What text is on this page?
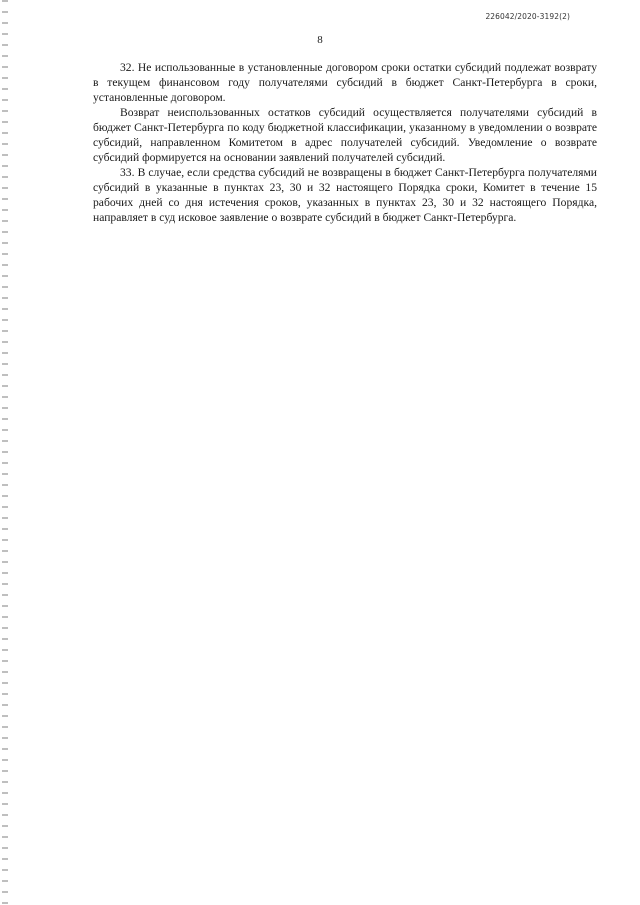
226042/2020-3192(2)
8

32. Не использованные в установленные договором сроки остатки субсидий подлежат возврату в текущем финансовом году получателями субсидий в бюджет Санкт-Петербурга в сроки, установленные договором.

Возврат неиспользованных остатков субсидий осуществляется получателями субсидий в бюджет Санкт-Петербурга по коду бюджетной классификации, указанному в уведомлении о возврате субсидий, направленном Комитетом в адрес получателей субсидий. Уведомление о возврате субсидий формируется на основании заявлений получателей субсидий.

33. В случае, если средства субсидий не возвращены в бюджет Санкт-Петербурга получателями субсидий в указанные в пунктах 23, 30 и 32 настоящего Порядка сроки, Комитет в течение 15 рабочих дней со дня истечения сроков, указанных в пунктах 23, 30 и 32 настоящего Порядка, направляет в суд исковое заявление о возврате субсидий в бюджет Санкт-Петербурга.
